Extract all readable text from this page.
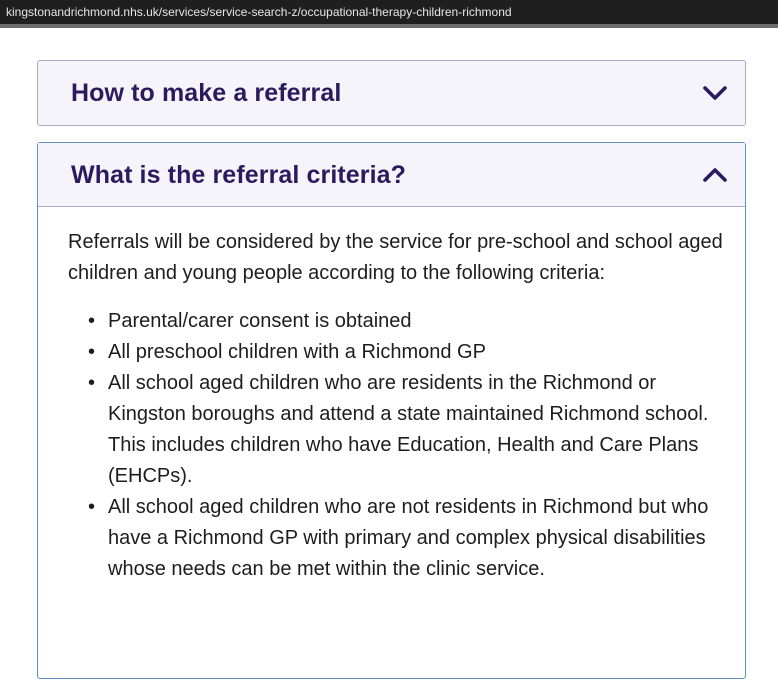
kingstonandrichmond.nhs.uk/services/service-search-z/occupational-therapy-children-richmond
How to make a referral
What is the referral criteria?

Referrals will be considered by the service for pre-school and school aged children and young people according to the following criteria:

• Parental/carer consent is obtained
• All preschool children with a Richmond GP
• All school aged children who are residents in the Richmond or Kingston boroughs and attend a state maintained Richmond school. This includes children who have Education, Health and Care Plans (EHCPs).
• All school aged children who are not residents in Richmond but who have a Richmond GP with primary and complex physical disabilities whose needs can be met within the clinic service.
